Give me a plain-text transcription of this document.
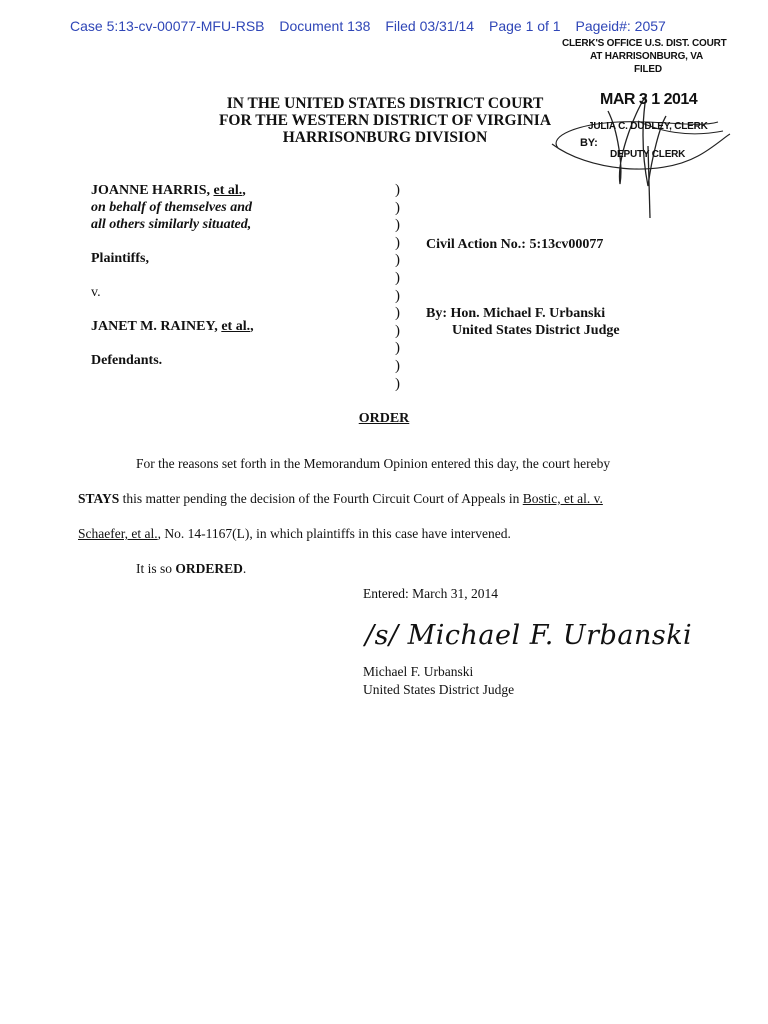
Case 5:13-cv-00077-MFU-RSB Document 138 Filed 03/31/14 Page 1 of 1 Pageid#: 2057
CLERK'S OFFICE U.S. DIST. COURT
AT HARRISONBURG, VA
FILED
MAR 3 1 2014
JULIA C. DUDLEY, CLERK
BY:
DEPUTY CLERK
IN THE UNITED STATES DISTRICT COURT
FOR THE WESTERN DISTRICT OF VIRGINIA
HARRISONBURG DIVISION
JOANNE HARRIS, et al.,
on behalf of themselves and
all others similarly situated,
Plaintiffs,
v.
JANET M. RAINEY, et al.,
Defendants.
)
)
)
)
)
)
)
)
)
)
)
)
Civil Action No.: 5:13cv00077
By: Hon. Michael F. Urbanski
United States District Judge
ORDER

For the reasons set forth in the Memorandum Opinion entered this day, the court hereby
STAYS this matter pending the decision of the Fourth Circuit Court of Appeals in Bostic, et al. v.
Schaefer, et al., No. 14-1167(L), in which plaintiffs in this case have intervened.

It is so ORDERED.

Entered: March 31, 2014
/s/ Michael F. Urbanski
Michael F. Urbanski
United States District Judge
